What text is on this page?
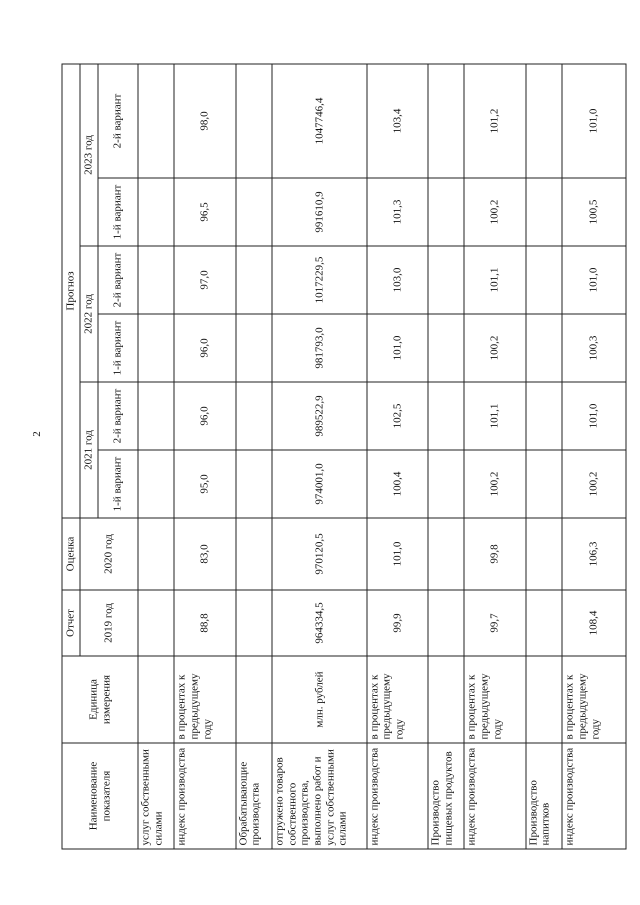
2
Наименование показателя	Единица измерения	Отчет	Оценка	Прогноз					
		2019 год	2020 год	2021 год		2022 год		2023 год	
				1-й вариант	2-й вариант	1-й вариант	2-й вариант	1-й вариант	2-й вариант
услуг собственными силами									
индекс производства	в процентах к предыдущему году	88,8	83,0	95,0	96,0	96,0	97,0	96,5	98,0
Обрабатывающие производства									
отгружено товаров собственного производства, выполнено работ и услуг собственными силами	млн. рублей	964334,5	970120,5	974001,0	989522,9	981793,0	1017229,5	991610,9	1047746,4
индекс производства	в процентах к предыдущему году	99,9	101,0	100,4	102,5	101,0	103,0	101,3	103,4
Производство пищевых продуктов									
индекс производства	в процентах к предыдущему году	99,7	99,8	100,2	101,1	100,2	101,1	100,2	101,2
Производство напитков									
индекс производства	в процентах к предыдущему году	108,4	106,3	100,2	101,0	100,3	101,0	100,5	101,0
